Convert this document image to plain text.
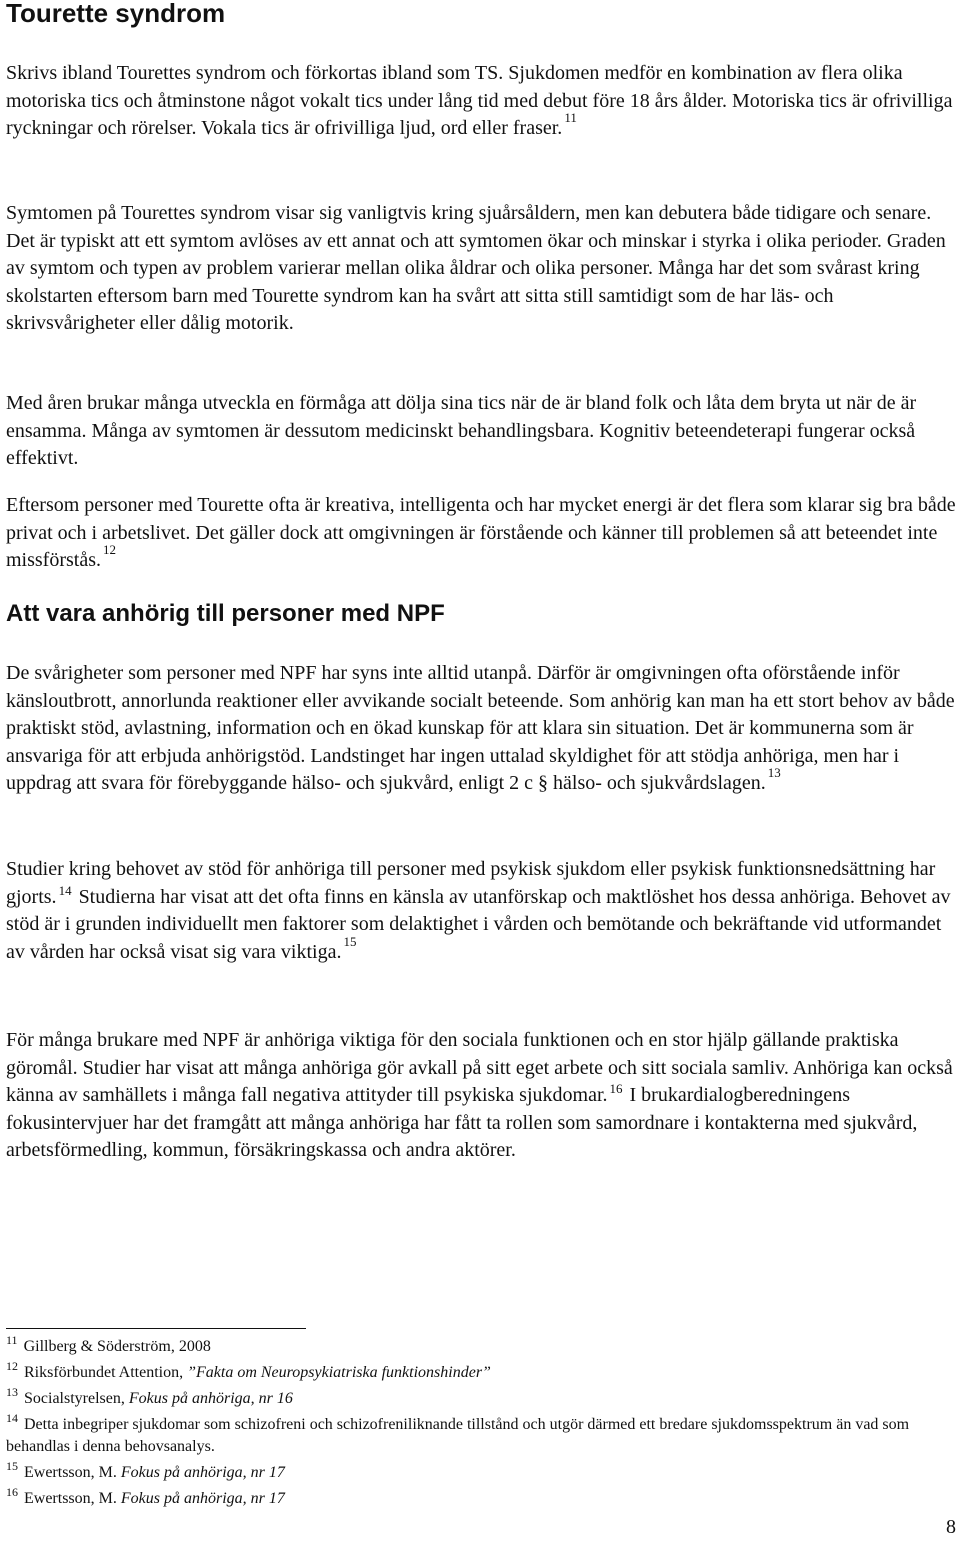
Tourette syndrom

Skrivs ibland Tourettes syndrom och förkortas ibland som TS. Sjukdomen medför en kombination av flera olika motoriska tics och åtminstone något vokalt tics under lång tid med debut före 18 års ålder. Motoriska tics är ofrivilliga ryckningar och rörelser. Vokala tics är ofrivilliga ljud, ord eller fraser. $^{11}$

Symtomen på Tourettes syndrom visar sig vanligtvis kring sjuårsåldern, men kan debutera både tidigare och senare. Det är typiskt att ett symtom avlöses av ett annat och att symtomen ökar och minskar i styrka i olika perioder. Graden av symtom och typen av problem varierar mellan olika åldrar och olika personer. Många har det som svårast kring skolstarten eftersom barn med Tourette syndrom kan ha svårt att sitta still samtidigt som de har läs- och skrivsvårigheter eller dålig motorik.

Med åren brukar många utveckla en förmåga att dölja sina tics när de är bland folk och låta dem bryta ut när de är ensamma. Många av symtomen är dessutom medicinskt behandlingsbara. Kognitiv beteendeterapi fungerar också effektivt.

Eftersom personer med Tourette ofta är kreativa, intelligenta och har mycket energi är det flera som klarar sig bra både privat och i arbetslivet. Det gäller dock att omgivningen är förstående och känner till problemen så att beteendet inte missförstås. $^{12}$

Att vara anhörig till personer med NPF

De svårigheter som personer med NPF har syns inte alltid utanpå. Därför är omgivningen ofta oförstående inför känsloutbrott, annorlunda reaktioner eller avvikande socialt beteende. Som anhörig kan man ha ett stort behov av både praktiskt stöd, avlastning, information och en ökad kunskap för att klara sin situation. Det är kommunerna som är ansvariga för att erbjuda anhörigstöd. Landstinget har ingen uttalad skyldighet för att stödja anhöriga, men har i uppdrag att svara för förebyggande hälso- och sjukvård, enligt 2 c § hälso- och sjukvårdslagen. $^{13}$

Studier kring behovet av stöd för anhöriga till personer med psykisk sjukdom eller psykisk funktionsnedsättning har gjorts. $^{14}$ Studierna har visat att det ofta finns en känsla av utanförskap och maktlöshet hos dessa anhöriga. Behovet av stöd är i grunden individuellt men faktorer som delaktighet i vården och bemötande och bekräftande vid utformandet av vården har också visat sig vara viktiga. $^{15}$

För många brukare med NPF är anhöriga viktiga för den sociala funktionen och en stor hjälp gällande praktiska göromål. Studier har visat att många anhöriga gör avkall på sitt eget arbete och sitt sociala samliv. Anhöriga kan också känna av samhällets i många fall negativa attityder till psykiska sjukdomar. $^{16}$ I brukardialogberedningens fokusintervjuer har det framgått att många anhöriga har fått ta rollen som samordnare i kontakterna med sjukvård, arbetsförmedling, kommun, försäkringskassa och andra aktörer.

$^{11}$ Gillberg & Söderström, 2008

$^{12}$ Riksförbundet Attention, ”Fakta om Neuropsykiatriska funktionshinder”

$^{13}$ Socialstyrelsen, Fokus på anhöriga, nr 16

$^{14}$ Detta inbegriper sjukdomar som schizofreni och schizofreniliknande tillstånd och utgör därmed ett bredare sjukdomsspektrum än vad som behandlas i denna behovsanalys.

$^{15}$ Ewertsson, M. Fokus på anhöriga, nr 17

$^{16}$ Ewertsson, M. Fokus på anhöriga, nr 17

8
